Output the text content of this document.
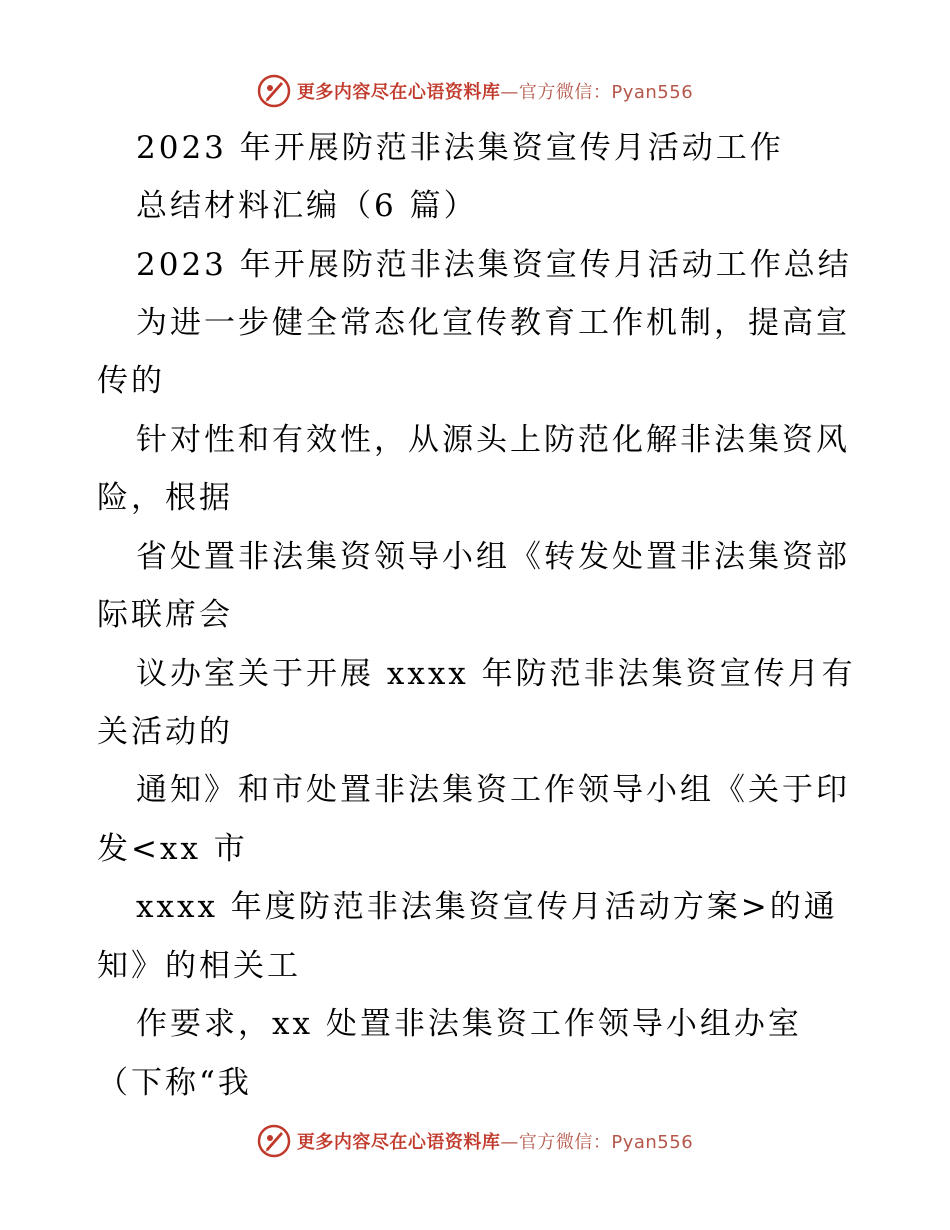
更多内容尽在心语资料库—官方微信：Pyan556
2023 年开展防范非法集资宣传月活动工作
总结材料汇编（6 篇）
2023 年开展防范非法集资宣传月活动工作总结
为进一步健全常态化宣传教育工作机制，提高宣
传的
针对性和有效性，从源头上防范化解非法集资风
险，根据
省处置非法集资领导小组《转发处置非法集资部
际联席会
议办室关于开展 xxxx 年防范非法集资宣传月有
关活动的
通知》和市处置非法集资工作领导小组《关于印
发<xx 市
xxxx 年度防范非法集资宣传月活动方案>的通
知》的相关工
作要求，xx 处置非法集资工作领导小组办室
（下称“我
更多内容尽在心语资料库—官方微信：Pyan556
